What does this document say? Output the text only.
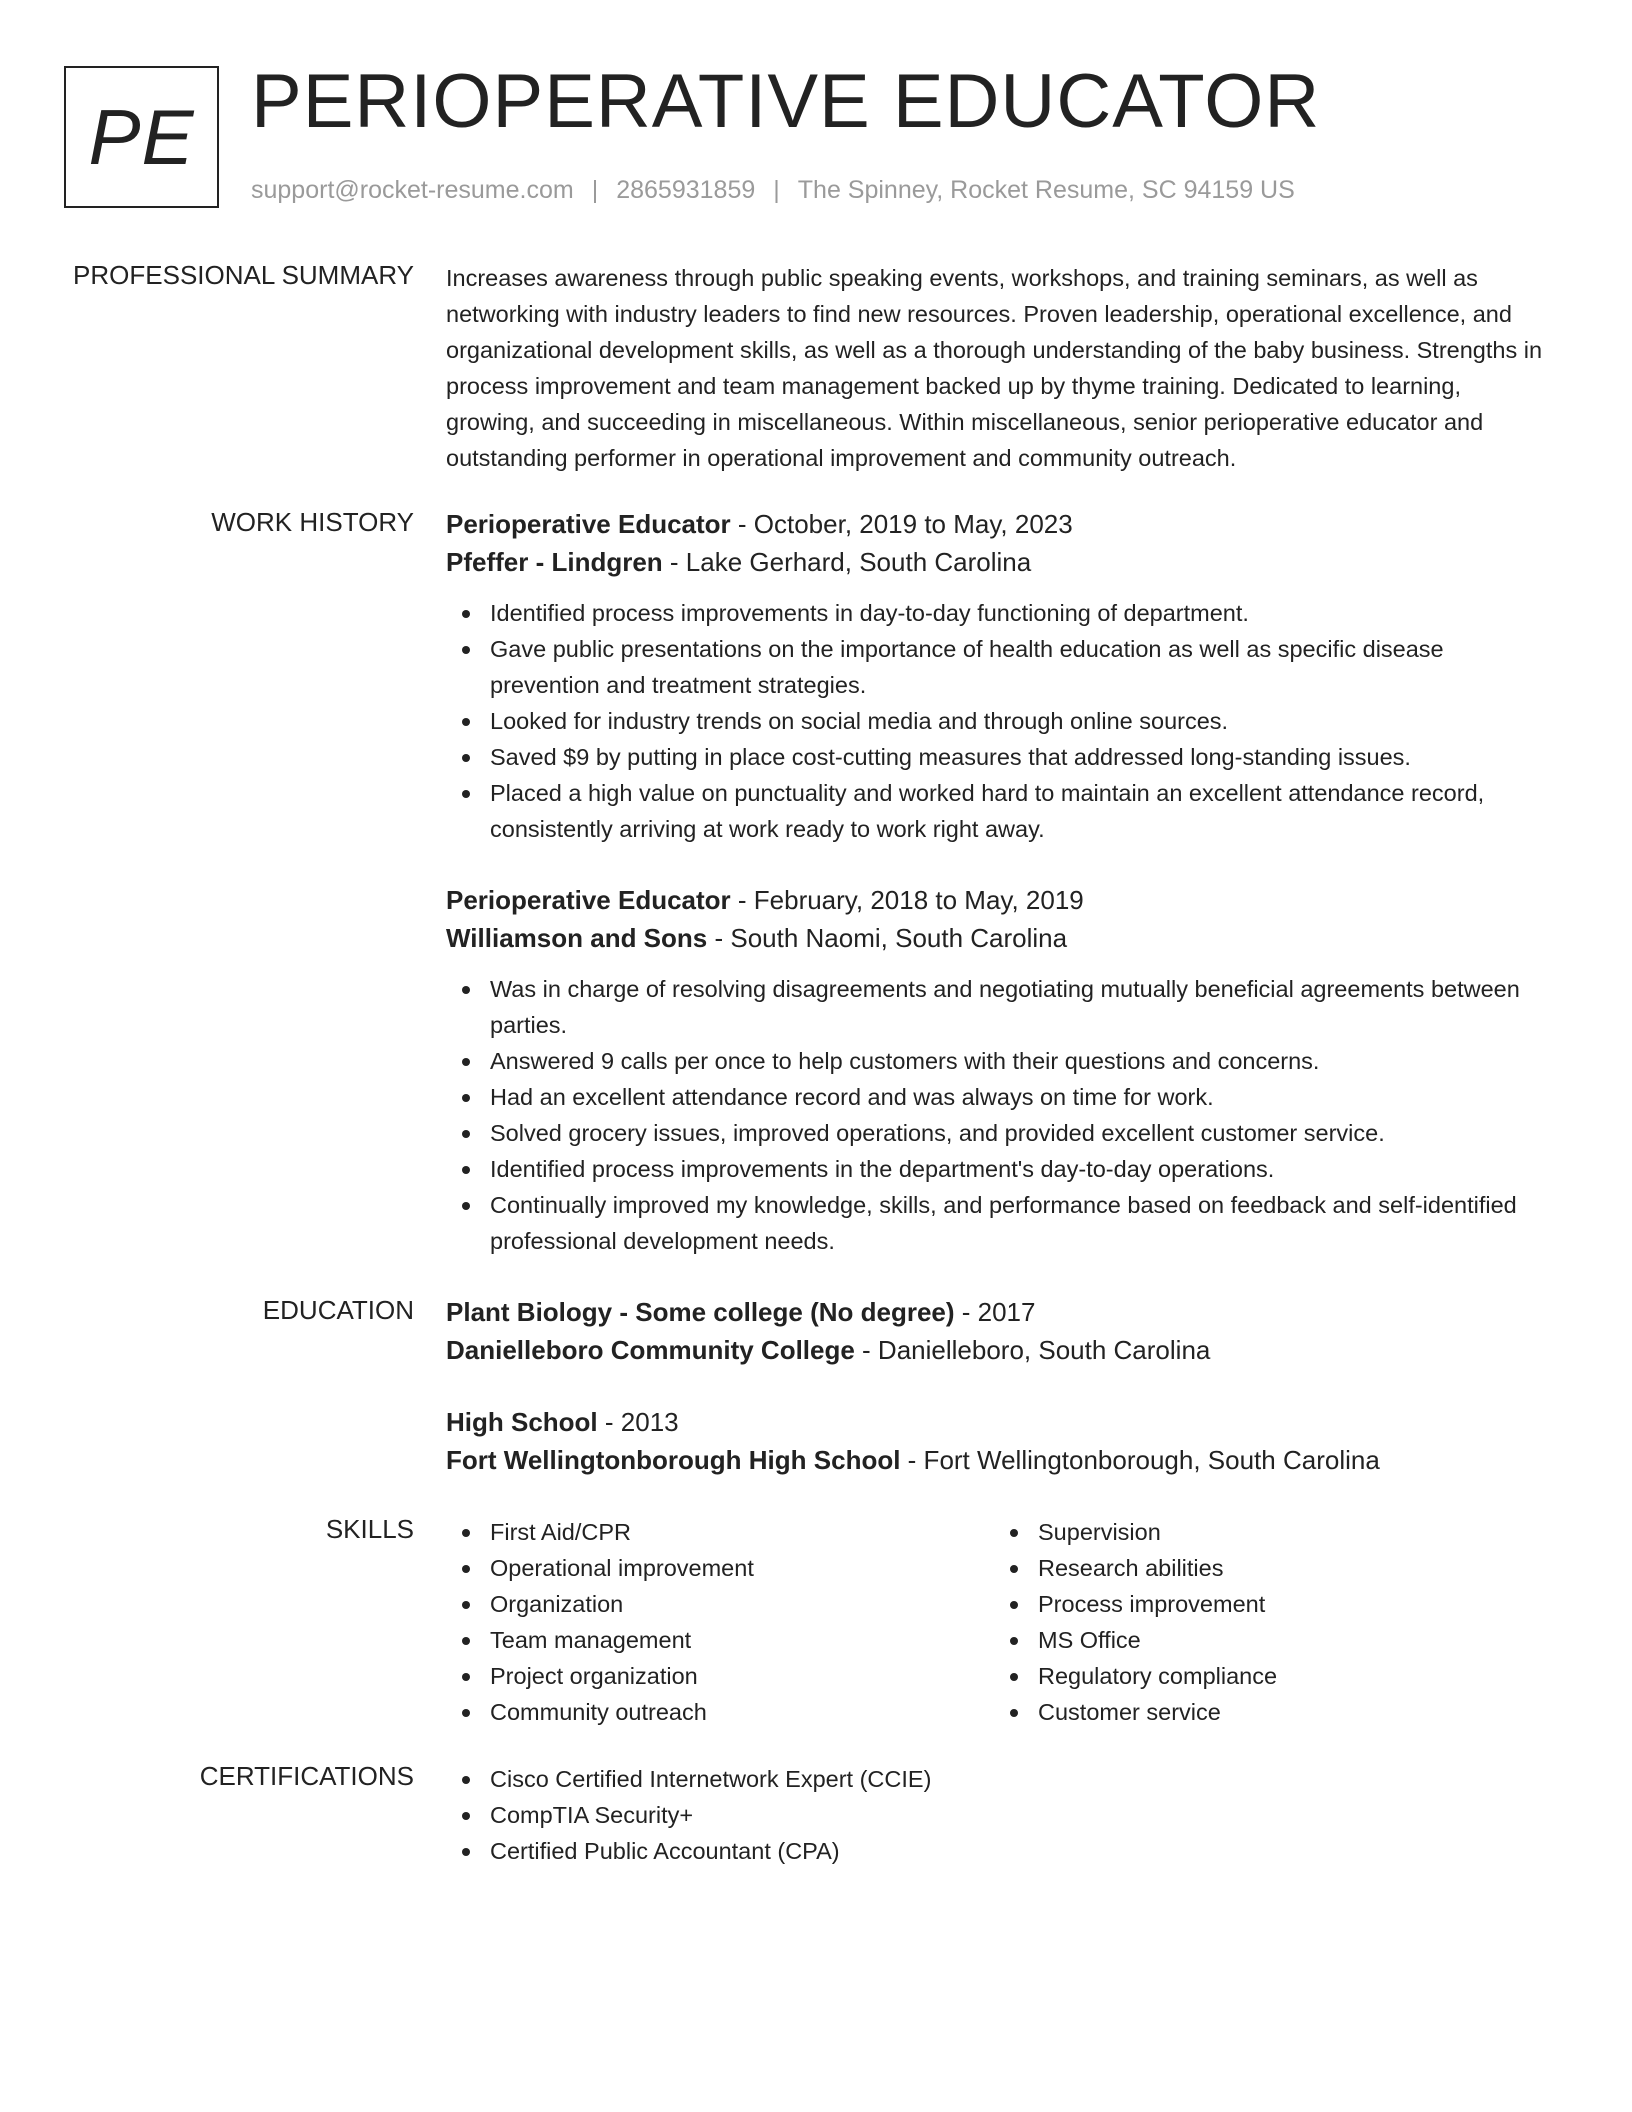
PE PERIOPERATIVE EDUCATOR
support@rocket-resume.com | 2865931859 | The Spinney, Rocket Resume, SC 94159 US
PROFESSIONAL SUMMARY Increases awareness through public speaking events, workshops, and training seminars, as well as networking with industry leaders to find new resources. Proven leadership, operational excellence, and organizational development skills, as well as a thorough understanding of the baby business. Strengths in process improvement and team management backed up by thyme training. Dedicated to learning, growing, and succeeding in miscellaneous. Within miscellaneous, senior perioperative educator and outstanding performer in operational improvement and community outreach.
WORK HISTORY Perioperative Educator - October, 2019 to May, 2023
Pfeffer - Lindgren - Lake Gerhard, South Carolina
Identified process improvements in day-to-day functioning of department.
Gave public presentations on the importance of health education as well as specific disease prevention and treatment strategies.
Looked for industry trends on social media and through online sources.
Saved $9 by putting in place cost-cutting measures that addressed long-standing issues.
Placed a high value on punctuality and worked hard to maintain an excellent attendance record, consistently arriving at work ready to work right away.
Perioperative Educator - February, 2018 to May, 2019
Williamson and Sons - South Naomi, South Carolina
Was in charge of resolving disagreements and negotiating mutually beneficial agreements between parties.
Answered 9 calls per once to help customers with their questions and concerns.
Had an excellent attendance record and was always on time for work.
Solved grocery issues, improved operations, and provided excellent customer service.
Identified process improvements in the department's day-to-day operations.
Continually improved my knowledge, skills, and performance based on feedback and self-identified professional development needs.
EDUCATION Plant Biology - Some college (No degree) - 2017
Danielleboro Community College - Danielleboro, South Carolina
High School - 2013
Fort Wellingtonborough High School - Fort Wellingtonborough, South Carolina
SKILLS	First Aid/CPR
Operational improvement
Organization
Team management
Project organization
Community outreach
Supervision
Research abilities
Process improvement
MS Office
Regulatory compliance
Customer service
CERTIFICATIONS	Cisco Certified Internetwork Expert (CCIE)
CompTIA Security+
Certified Public Accountant (CPA)
